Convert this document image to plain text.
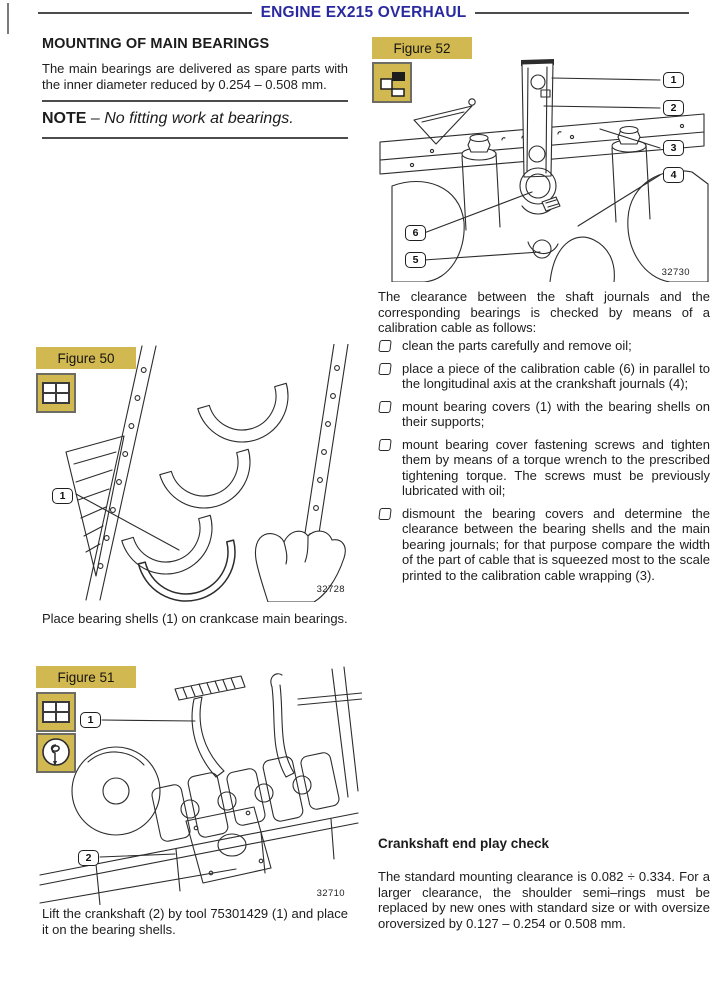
ENGINE EX215 OVERHAUL
MOUNTING OF MAIN BEARINGS

The main bearings are delivered as spare parts with the inner diameter reduced by 0.254 – 0.508 mm.

NOTE – No fitting work at bearings.
Figure 50
1
32728

Place bearing shells (1) on crankcase main bearings.

Figure 51
1
2
32710

Lift the crankshaft (2) by tool 75301429 (1) and place it on the bearing shells.

Figure 52
1
2
3
4
6
5
32730

The clearance between the shaft journals and the corresponding bearings is checked by means of a calibration cable as follows:

clean the parts carefully and remove oil;
place a piece of the calibration cable (6) in parallel to the longitudinal axis at the crankshaft journals (4);
mount bearing covers (1) with the bearing shells on their supports;
mount bearing cover fastening screws and tighten them by means of a torque wrench to the prescribed tightening torque. The screws must be previously lubricated with oil;
dismount the bearing covers and determine the clearance between the bearing shells and the main bearing journals; for that purpose compare the width of the part of cable that is squeezed most to the scale printed to the calibration cable wrapping (3).
Crankshaft end play check

The standard mounting clearance is 0.082 ÷ 0.334. For a larger clearance, the shoulder semi–rings must be replaced by new ones with standard size or with oversize oroversized by 0.127 – 0.254 or 0.508 mm.
